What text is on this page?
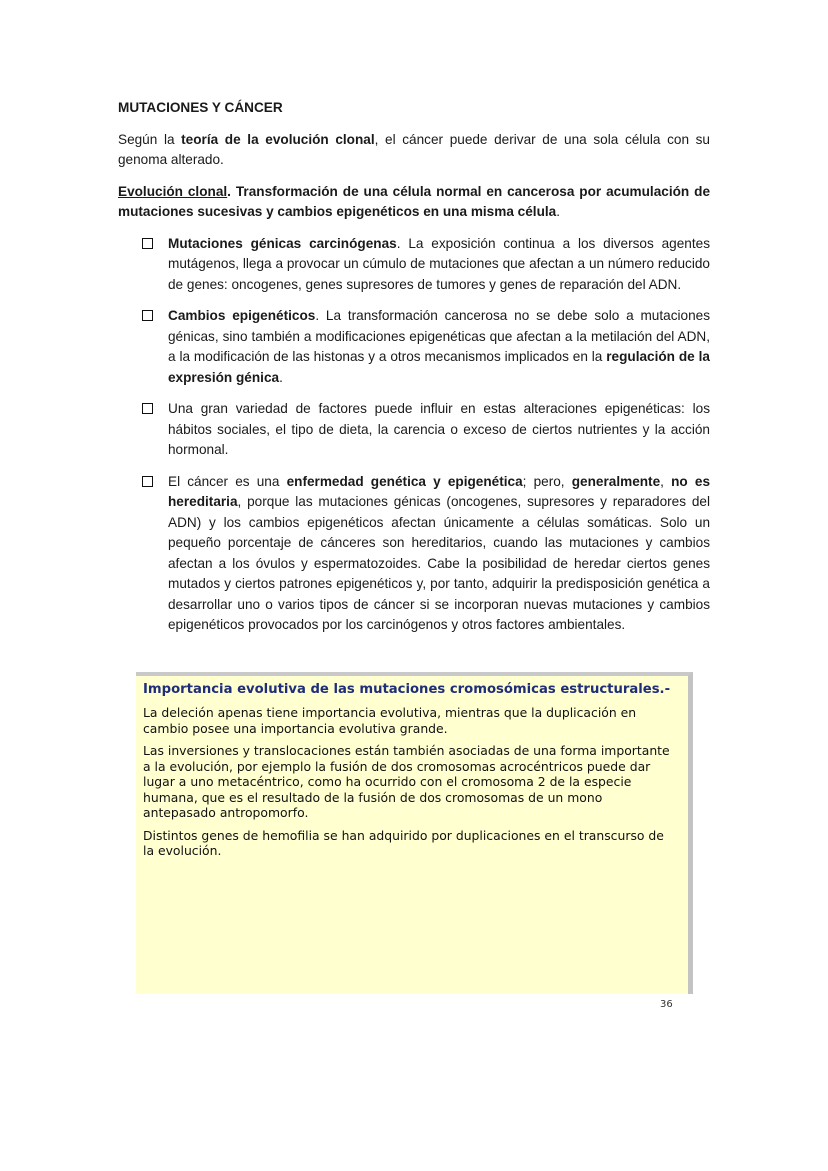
MUTACIONES Y CÁNCER

Según la teoría de la evolución clonal, el cáncer puede derivar de una sola célula con su genoma alterado.

Evolución clonal. Transformación de una célula normal en cancerosa por acumulación de mutaciones sucesivas y cambios epigenéticos en una misma célula.

Mutaciones génicas carcinógenas. La exposición continua a los diversos agentes mutágenos, llega a provocar un cúmulo de mutaciones que afectan a un número reducido de genes: oncogenes, genes supresores de tumores y genes de reparación del ADN.
Cambios epigenéticos. La transformación cancerosa no se debe solo a mutaciones génicas, sino también a modificaciones epigenéticas que afectan a la metilación del ADN, a la modificación de las histonas y a otros mecanismos implicados en la regulación de la expresión génica.
Una gran variedad de factores puede influir en estas alteraciones epigenéticas: los hábitos sociales, el tipo de dieta, la carencia o exceso de ciertos nutrientes y la acción hormonal.
El cáncer es una enfermedad genética y epigenética; pero, generalmente, no es hereditaria, porque las mutaciones génicas (oncogenes, supresores y reparadores del ADN) y los cambios epigenéticos afectan únicamente a células somáticas. Solo un pequeño porcentaje de cánceres son hereditarios, cuando las mutaciones y cambios afectan a los óvulos y espermatozoides. Cabe la posibilidad de heredar ciertos genes mutados y ciertos patrones epigenéticos y, por tanto, adquirir la predisposición genética a desarrollar uno o varios tipos de cáncer si se incorporan nuevas mutaciones y cambios epigenéticos provocados por los carcinógenos y otros factores ambientales.
Importancia evolutiva de las mutaciones cromosómicas estructurales.-
La deleción apenas tiene importancia evolutiva, mientras que la duplicación en cambio posee una importancia evolutiva grande.
Las inversiones y translocaciones están también asociadas de una forma importante a la evolución, por ejemplo la fusión de dos cromosomas acrocéntricos puede dar lugar a uno metacéntrico, como ha ocurrido con el cromosoma 2 de la especie humana, que es el resultado de la fusión de dos cromosomas de un mono antepasado antropomorfo.
Distintos genes de hemofilia se han adquirido por duplicaciones en el transcurso de la evolución.
36
